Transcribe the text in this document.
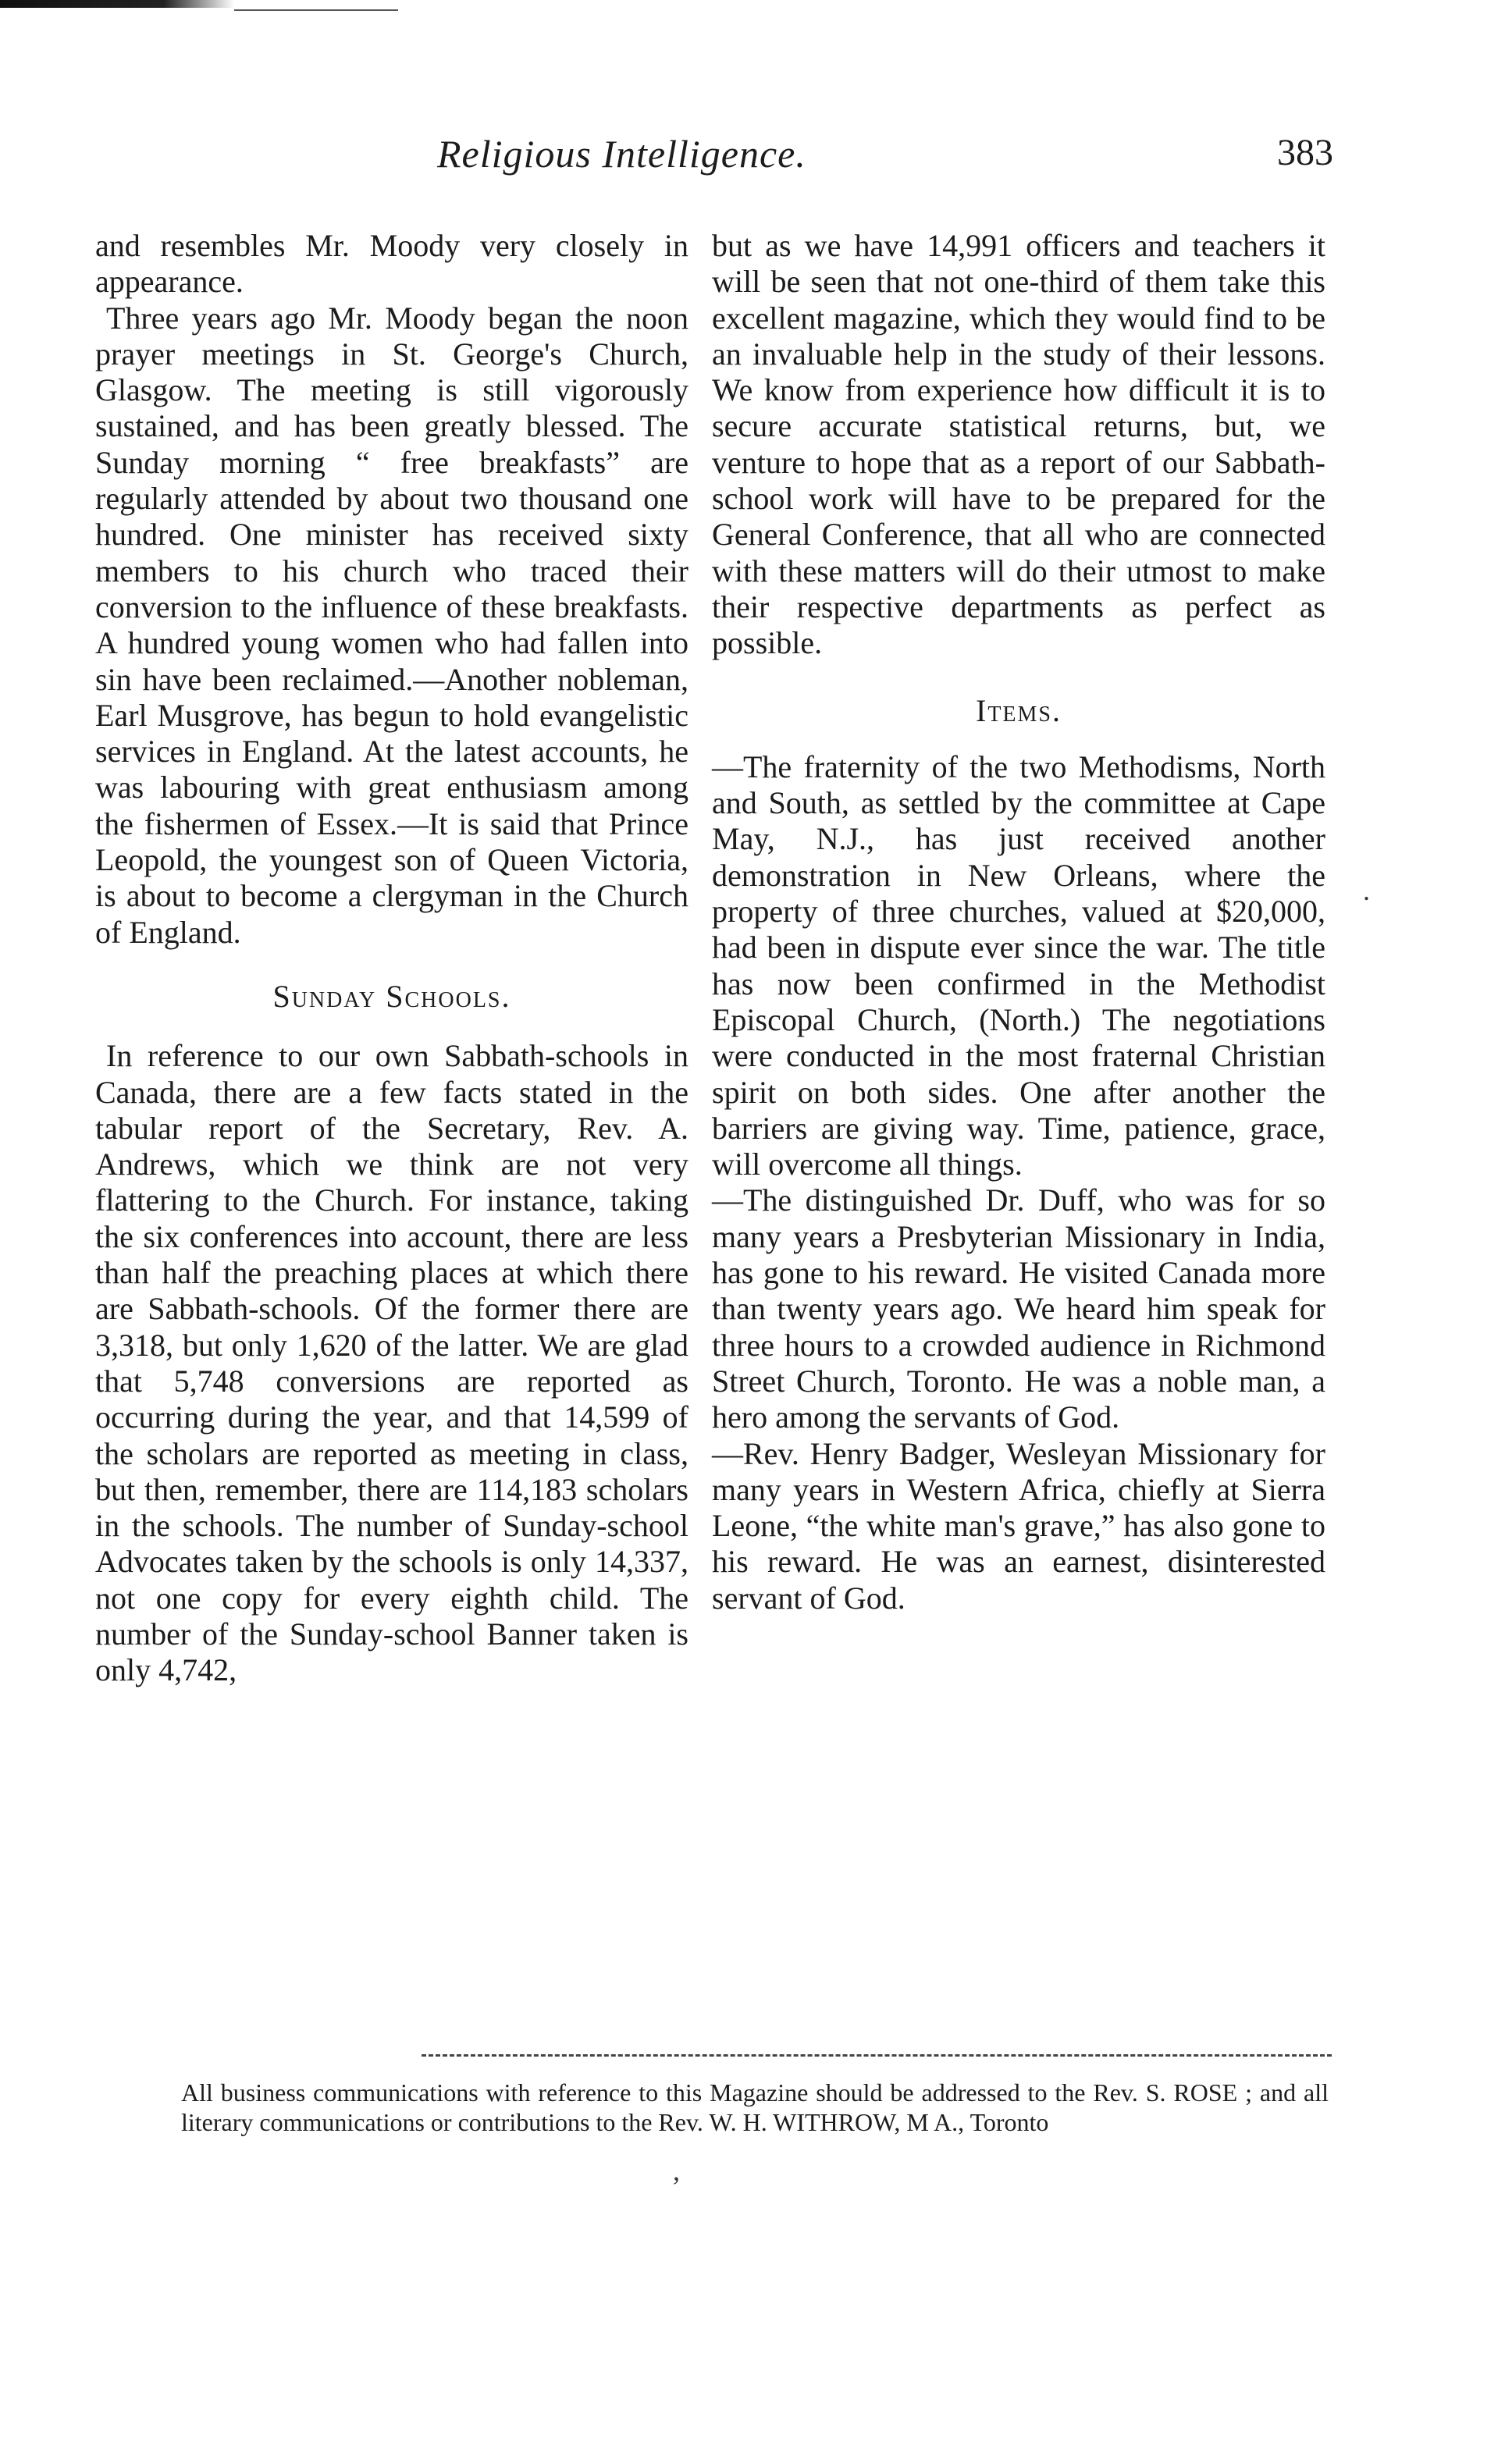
Religious Intelligence.	383

and resembles Mr. Moody very closely in appearance.

Three years ago Mr. Moody began the noon prayer meetings in St. George's Church, Glasgow. The meeting is still vigorously sustained, and has been greatly blessed. The Sunday morning “ free breakfasts” are regularly attended by about two thousand one hundred. One minister has received sixty members to his church who traced their conversion to the influence of these breakfasts. A hundred young women who had fallen into sin have been reclaimed.—Another nobleman, Earl Musgrove, has begun to hold evangelistic services in England. At the latest accounts, he was labouring with great enthusiasm among the fishermen of Essex.—It is said that Prince Leopold, the youngest son of Queen Victoria, is about to become a clergyman in the Church of England.

Sunday Schools.

In reference to our own Sabbath-schools in Canada, there are a few facts stated in the tabular report of the Secretary, Rev. A. Andrews, which we think are not very flattering to the Church. For instance, taking the six conferences into account, there are less than half the preaching places at which there are Sabbath-schools. Of the former there are 3,318, but only 1,620 of the latter. We are glad that 5,748 conversions are reported as occurring during the year, and that 14,599 of the scholars are reported as meeting in class, but then, remember, there are 114,183 scholars in the schools. The number of Sunday-school Advocates taken by the schools is only 14,337, not one copy for every eighth child. The number of the Sunday-school Banner taken is only 4,742,

but as we have 14,991 officers and teachers it will be seen that not one-third of them take this excellent magazine, which they would find to be an invaluable help in the study of their lessons. We know from experience how difficult it is to secure accurate statistical returns, but, we venture to hope that as a report of our Sabbath-school work will have to be prepared for the General Conference, that all who are connected with these matters will do their utmost to make their respective departments as perfect as possible.

Items.

—The fraternity of the two Methodisms, North and South, as settled by the committee at Cape May, N.J., has just received another demonstration in New Orleans, where the property of three churches, valued at $20,000, had been in dispute ever since the war. The title has now been confirmed in the Methodist Episcopal Church, (North.) The negotiations were conducted in the most fraternal Christian spirit on both sides. One after another the barriers are giving way. Time, patience, grace, will overcome all things.

—The distinguished Dr. Duff, who was for so many years a Presbyterian Missionary in India, has gone to his reward. He visited Canada more than twenty years ago. We heard him speak for three hours to a crowded audience in Richmond Street Church, Toronto. He was a noble man, a hero among the servants of God.

—Rev. Henry Badger, Wesleyan Missionary for many years in Western Africa, chiefly at Sierra Leone, “the white man's grave,” has also gone to his reward. He was an earnest, disinterested servant of God.

All business communications with reference to this Magazine should be addressed to the Rev. S. ROSE ; and all literary communications or contributions to the Rev. W. H. WITHROW, M A., Toronto
.
,
